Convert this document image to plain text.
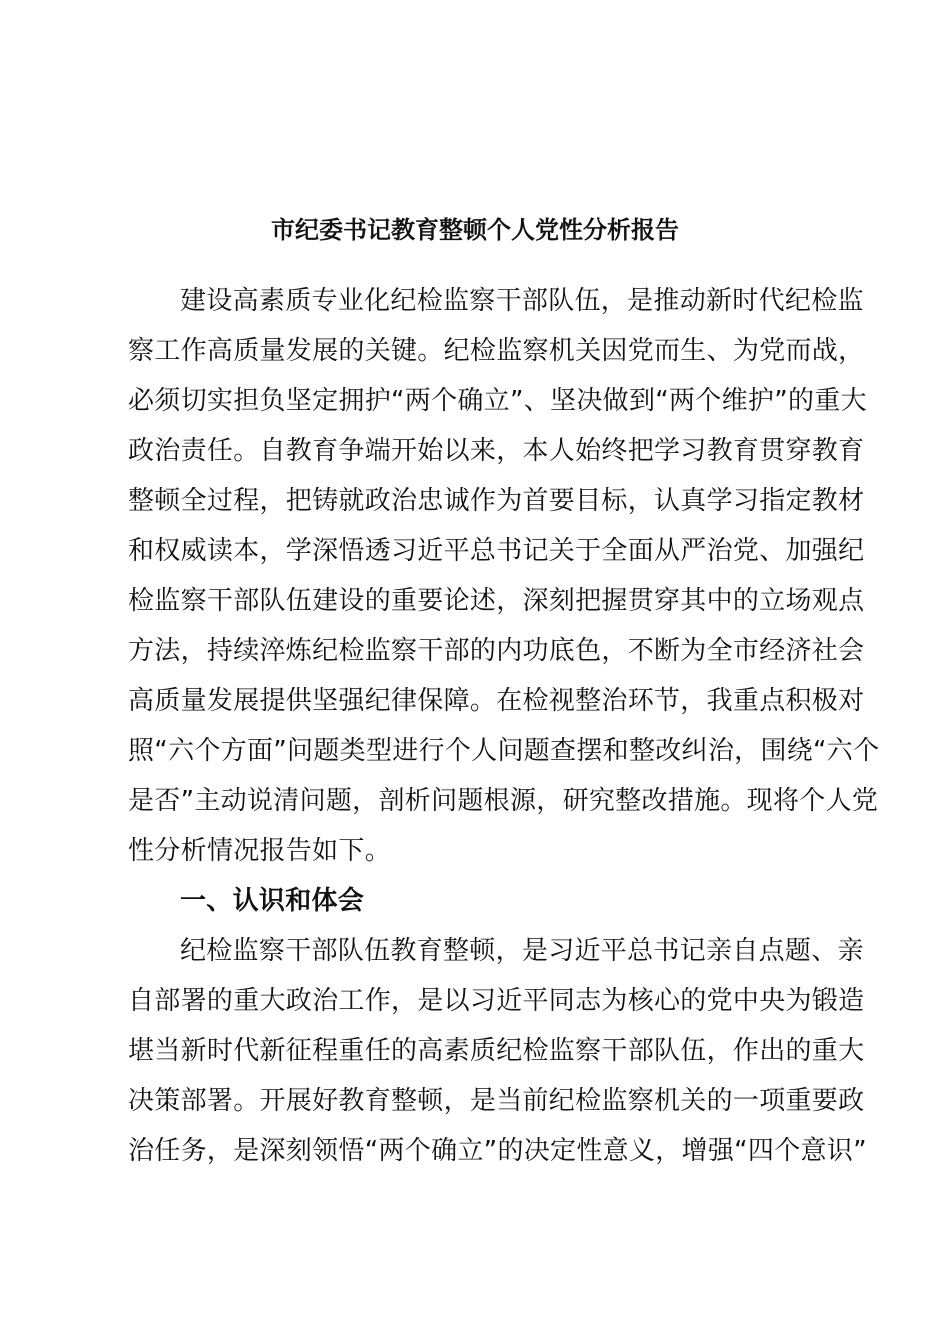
市纪委书记教育整顿个人党性分析报告
建设高素质专业化纪检监察干部队伍，是推动新时代纪检监
察工作高质量发展的关键。纪检监察机关因党而生、为党而战，
必须切实担负坚定拥护“两个确立”、坚决做到“两个维护”的重大
政治责任。自教育争端开始以来，本人始终把学习教育贯穿教育
整顿全过程，把铸就政治忠诚作为首要目标，认真学习指定教材
和权威读本，学深悟透习近平总书记关于全面从严治党、加强纪
检监察干部队伍建设的重要论述，深刻把握贯穿其中的立场观点
方法，持续淬炼纪检监察干部的内功底色，不断为全市经济社会
高质量发展提供坚强纪律保障。在检视整治环节，我重点积极对
照“六个方面”问题类型进行个人问题查摆和整改纠治，围绕“六个
是否”主动说清问题，剖析问题根源，研究整改措施。现将个人党
性分析情况报告如下。
一、认识和体会
纪检监察干部队伍教育整顿，是习近平总书记亲自点题、亲
自部署的重大政治工作，是以习近平同志为核心的党中央为锻造
堪当新时代新征程重任的高素质纪检监察干部队伍，作出的重大
决策部署。开展好教育整顿，是当前纪检监察机关的一项重要政
治任务，是深刻领悟“两个确立”的决定性意义，增强“四个意识”
